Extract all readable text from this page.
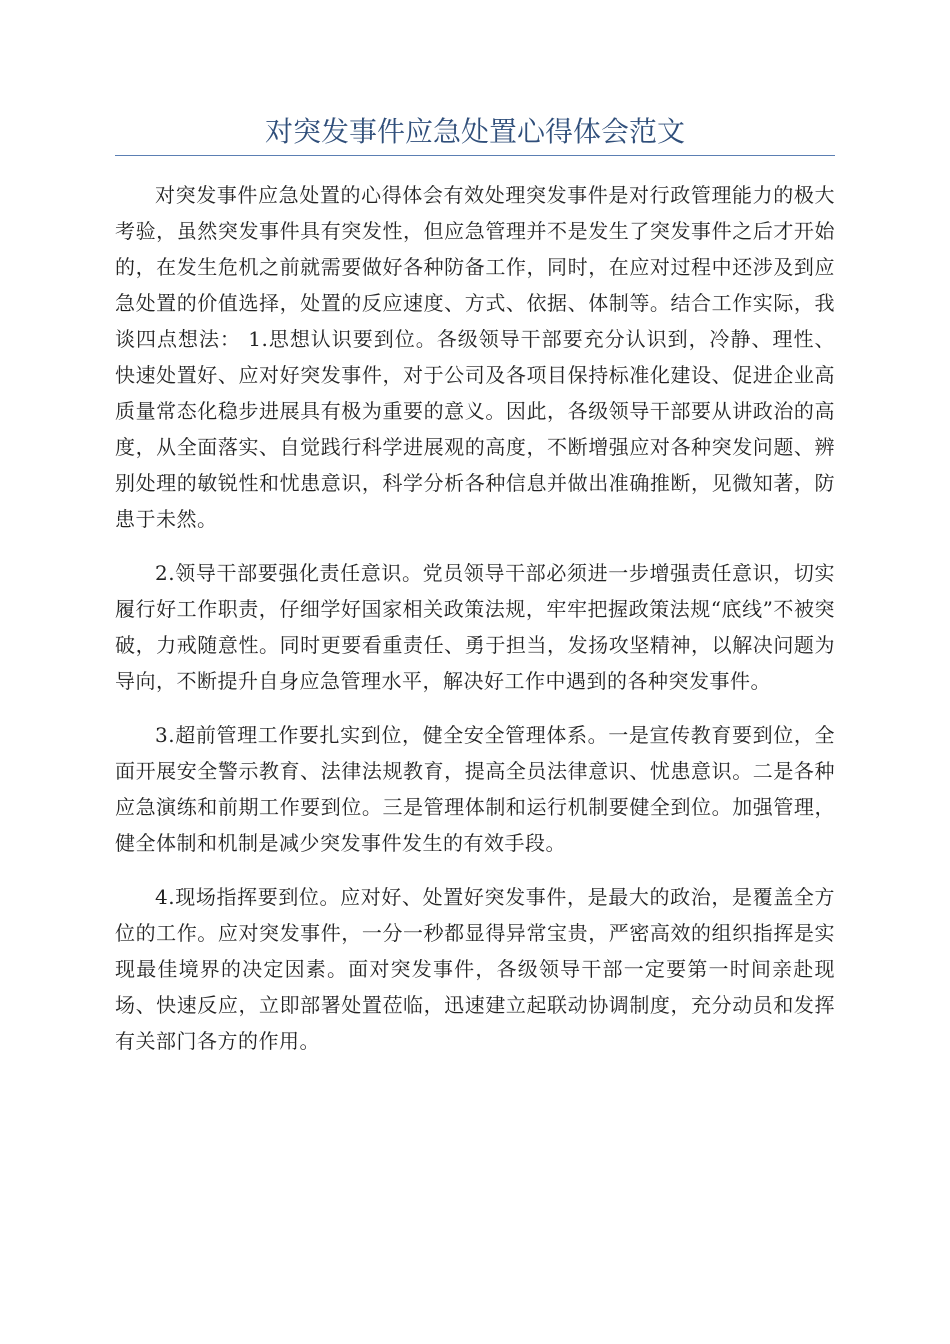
对突发事件应急处置心得体会范文

对突发事件应急处置的心得体会有效处理突发事件是对行政管理能力的极大考验，虽然突发事件具有突发性，但应急管理并不是发生了突发事件之后才开始的，在发生危机之前就需要做好各种防备工作，同时，在应对过程中还涉及到应急处置的价值选择，处置的反应速度、方式、依据、体制等。结合工作实际，我谈四点想法： 1.思想认识要到位。各级领导干部要充分认识到，冷静、理性、快速处置好、应对好突发事件，对于公司及各项目保持标准化建设、促进企业高质量常态化稳步进展具有极为重要的意义。因此，各级领导干部要从讲政治的高度，从全面落实、自觉践行科学进展观的高度，不断增强应对各种突发问题、辨别处理的敏锐性和忧患意识，科学分析各种信息并做出准确推断，见微知著，防患于未然。

2.领导干部要强化责任意识。党员领导干部必须进一步增强责任意识，切实履行好工作职责，仔细学好国家相关政策法规，牢牢把握政策法规“底线”不被突破，力戒随意性。同时更要看重责任、勇于担当，发扬攻坚精神，以解决问题为导向，不断提升自身应急管理水平，解决好工作中遇到的各种突发事件。

3.超前管理工作要扎实到位，健全安全管理体系。一是宣传教育要到位，全面开展安全警示教育、法律法规教育，提高全员法律意识、忧患意识。二是各种应急演练和前期工作要到位。三是管理体制和运行机制要健全到位。加强管理，健全体制和机制是减少突发事件发生的有效手段。

4.现场指挥要到位。应对好、处置好突发事件，是最大的政治，是覆盖全方位的工作。应对突发事件，一分一秒都显得异常宝贵，严密高效的组织指挥是实现最佳境界的决定因素。面对突发事件，各级领导干部一定要第一时间亲赴现场、快速反应，立即部署处置莅临，迅速建立起联动协调制度，充分动员和发挥有关部门各方的作用。
